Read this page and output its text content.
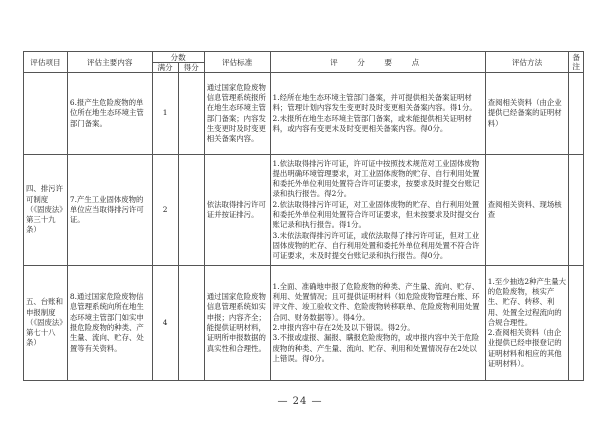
评估项目	评估主要内容	分数		评估标准	评　分　要　点	评估方法	备注
		满分	得分				
	6.报产生危险废物的单位所在地生态环境主管部门备案。	1		通过国家危险废物信息管理系统报所在地生态环境主管部门备案；内容发生变更时及时变更相关备案内容。	1.经所在地生态环境主管部门备案，并可提供相关备案证明材料；管理计划内容发生变更时及时变更相关备案内容。得1分。
2.未报所在地生态环境主管部门备案，或未能提供相关证明材料，或内容有变更未及时变更相关备案内容。得0分。	查阅相关资料（由企业提供已经备案的证明材料）	
四、排污许可制度（《固废法》第三十九条）	7.产生工业固体废物的单位应当取得排污许可证。	2		依法取得排污许可证并按证排污。	1.依法取得排污许可证，许可证中按照技术规范对工业固体废物提出明确环境管理要求，对工业固体废物的贮存、自行利用处置和委托外单位利用处置符合许可证要求，按要求及时提交台账记录和执行报告。得2分。
2.依法取得排污许可证，对工业固体废物的贮存、自行利用处置和委托外单位利用处置符合许可证要求，但未按要求及时提交台账记录和执行报告。得1分。
3.未依法取得排污许可证，或依法取得了排污许可证，但对工业固体废物的贮存、自行利用处置和委托外单位利用处置不符合许可证要求，未及时提交台账记录和执行报告。得0分。	查阅相关资料、现场核查	
五、台账和申报制度（《固废法》第七十八条）	8.通过国家危险废物信息管理系统向所在地生态环境主管部门如实申报危险废物的种类、产生量、流向、贮存、处置等有关资料。	4		通过国家危险废物信息管理系统如实申报；内容齐全；能提供证明材料，证明所申报数据的真实性和合理性。	1.全面、准确地申报了危险废物的种类、产生量、流向、贮存、利用、处置情况；且可提供证明材料（如危险废物管理台账、环评文件、竣工验收文件、危险废物转移联单、危险废物利用处置合同、财务数据等）。得4分。
2.申报内容中存在2处及以下错误。得2分。
3.不报或虚报、漏报、瞒报危险废物的，或申报内容中关于危险废物的种类、产生量、流向、贮存、利用和处置情况存在2处以上错误。得0分。	1.至少抽选2种产生量大的危险废物，核实产生、贮存、转移、利用、处置全过程流向的合规合理性。
2.查阅相关资料（由企业提供已经申报登记的证明材料和相应的其他证明材料）。	

— 24 —
